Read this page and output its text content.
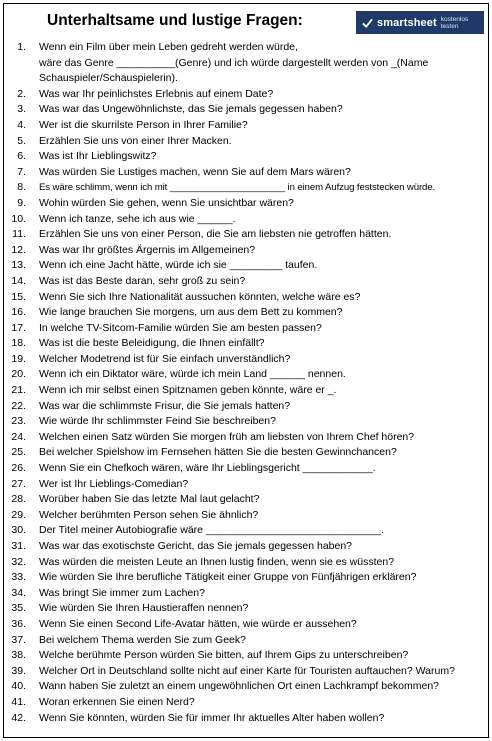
Unterhaltsame und lustige Fragen:	smartsheet kostenlos testen
1. Wenn ein Film über mein Leben gedreht werden würde,
wäre das Genre __________(Genre) und ich würde dargestellt werden von _(Name
Schauspieler/Schauspielerin).
2. Was war Ihr peinlichstes Erlebnis auf einem Date?
3. Was war das Ungewöhnlichste, das Sie jemals gegessen haben?
4. Wer ist die skurrilste Person in Ihrer Familie?
5. Erzählen Sie uns von einer Ihrer Macken.
6. Was ist Ihr Lieblingswitz?
7. Was würden Sie Lustiges machen, wenn Sie auf dem Mars wären?
8. Es wäre schlimm, wenn ich mit ______________________ in einem Aufzug feststecken würde.
9. Wohin würden Sie gehen, wenn Sie unsichtbar wären?
10. Wenn ich tanze, sehe ich aus wie ______.
11. Erzählen Sie uns von einer Person, die Sie am liebsten nie getroffen hätten.
12. Was war Ihr größtes Ärgernis im Allgemeinen?
13. Wenn ich eine Jacht hätte, würde ich sie _________ taufen.
14. Was ist das Beste daran, sehr groß zu sein?
15. Wenn Sie sich Ihre Nationalität aussuchen könnten, welche wäre es?
16. Wie lange brauchen Sie morgens, um aus dem Bett zu kommen?
17. In welche TV-Sitcom-Familie würden Sie am besten passen?
18. Was ist die beste Beleidigung, die Ihnen einfällt?
19. Welcher Modetrend ist für Sie einfach unverständlich?
20. Wenn ich ein Diktator wäre, würde ich mein Land ______ nennen.
21. Wenn ich mir selbst einen Spitznamen geben könnte, wäre er _.
22. Was war die schlimmste Frisur, die Sie jemals hatten?
23. Wie würde Ihr schlimmster Feind Sie beschreiben?
24. Welchen einen Satz würden Sie morgen früh am liebsten von Ihrem Chef hören?
25. Bei welcher Spielshow im Fernsehen hätten Sie die besten Gewinnchancen?
26. Wenn Sie ein Chefkoch wären, wäre Ihr Lieblingsgericht ____________.
27. Wer ist Ihr Lieblings-Comedian?
28. Worüber haben Sie das letzte Mal laut gelacht?
29. Welcher berühmten Person sehen Sie ähnlich?
30. Der Titel meiner Autobiografie wäre ______________________________.
31. Was war das exotischste Gericht, das Sie jemals gegessen haben?
32. Was würden die meisten Leute an Ihnen lustig finden, wenn sie es wüssten?
33. Wie würden Sie Ihre berufliche Tätigkeit einer Gruppe von Fünfjährigen erklären?
34. Was bringt Sie immer zum Lachen?
35. Wie würden Sie Ihren Haustieraffen nennen?
36. Wenn Sie einen Second Life-Avatar hätten, wie würde er aussehen?
37. Bei welchem Thema werden Sie zum Geek?
38. Welche berühmte Person würden Sie bitten, auf Ihrem Gips zu unterschreiben?
39. Welcher Ort in Deutschland sollte nicht auf einer Karte für Touristen auftauchen? Warum?
40. Wann haben Sie zuletzt an einem ungewöhnlichen Ort einen Lachkrampf bekommen?
41. Woran erkennen Sie einen Nerd?
42. Wenn Sie könnten, würden Sie für immer Ihr aktuelles Alter haben wollen?
